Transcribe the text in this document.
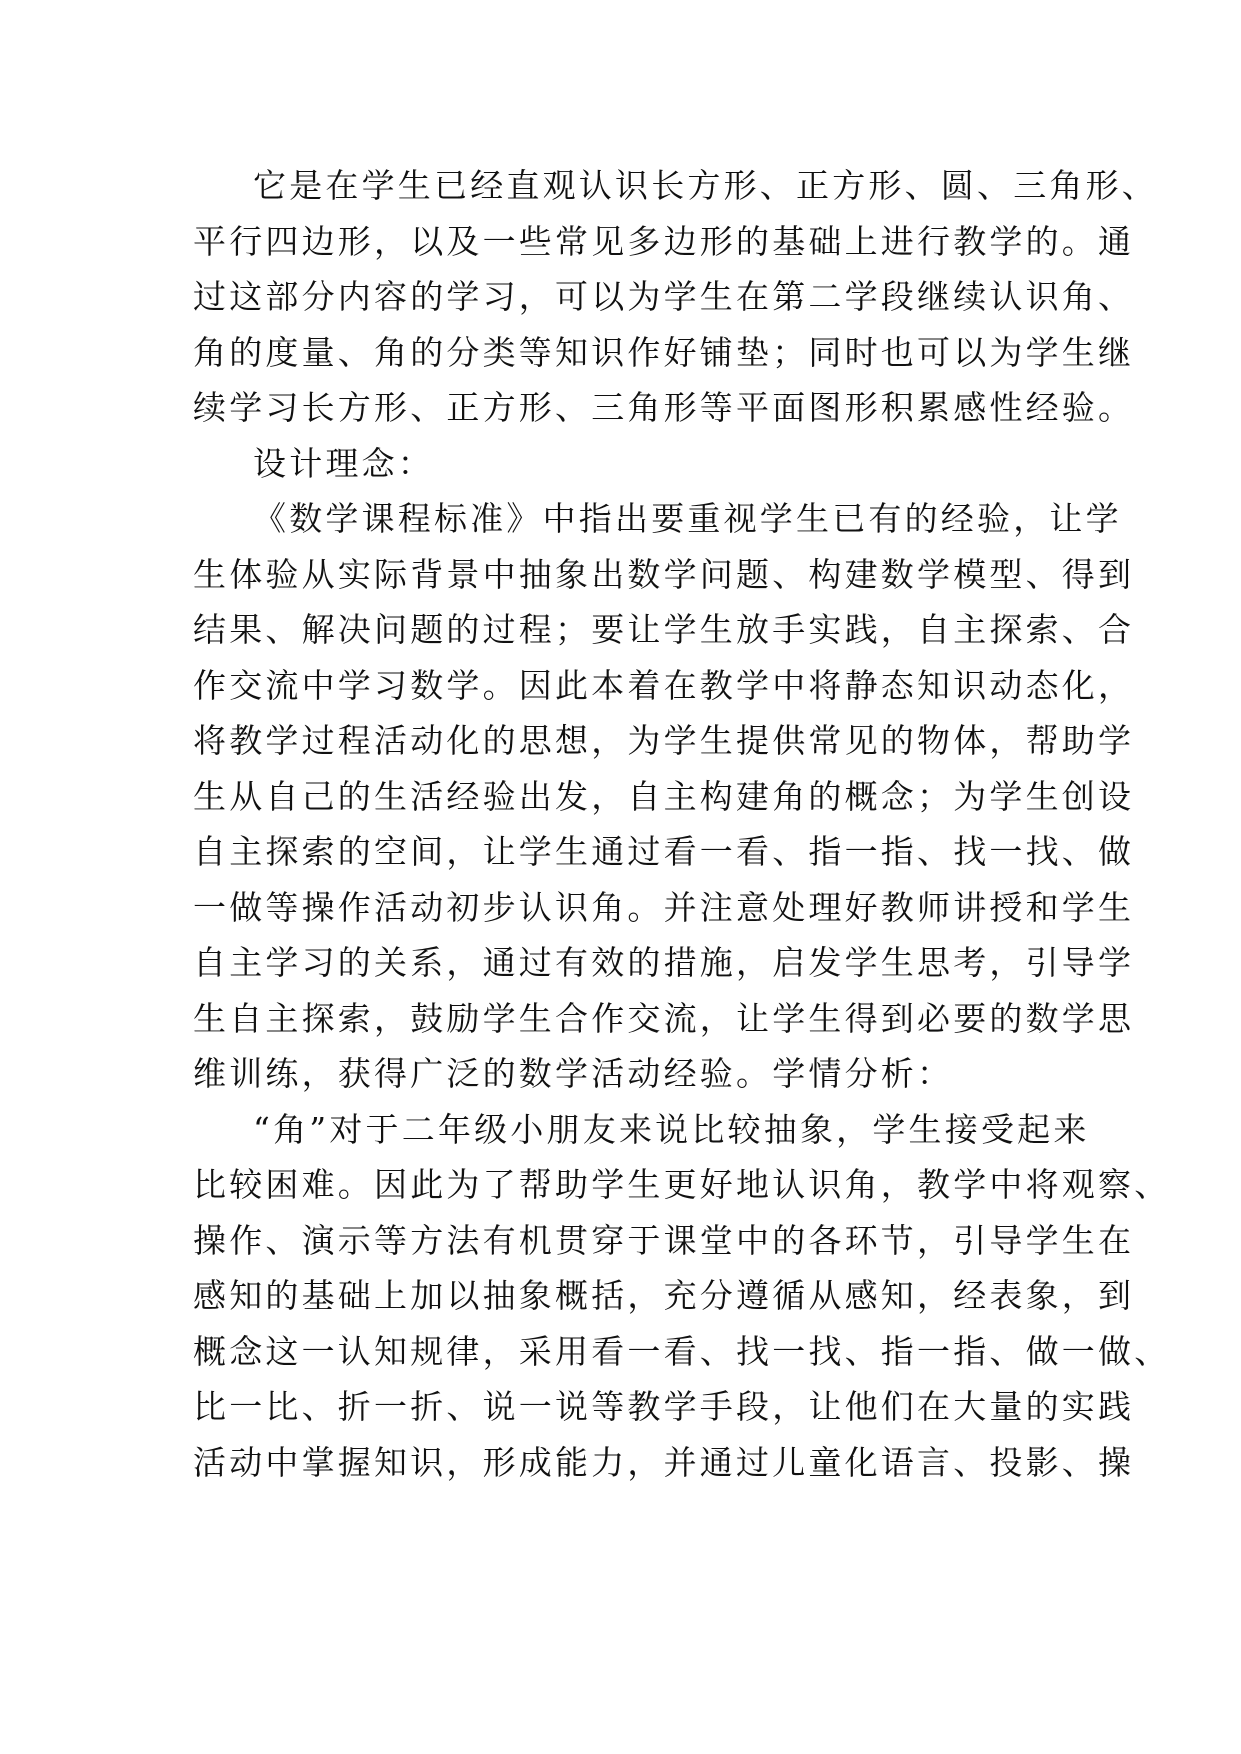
它是在学生已经直观认识长方形、正方形、圆、三角形、
平行四边形，以及一些常见多边形的基础上进行教学的。通
过这部分内容的学习，可以为学生在第二学段继续认识角、
角的度量、角的分类等知识作好铺垫；同时也可以为学生继
续学习长方形、正方形、三角形等平面图形积累感性经验。
设计理念：
《数学课程标准》中指出要重视学生已有的经验，让学
生体验从实际背景中抽象出数学问题、构建数学模型、得到
结果、解决问题的过程；要让学生放手实践，自主探索、合
作交流中学习数学。因此本着在教学中将静态知识动态化，
将教学过程活动化的思想，为学生提供常见的物体，帮助学
生从自己的生活经验出发，自主构建角的概念；为学生创设
自主探索的空间，让学生通过看一看、指一指、找一找、做
一做等操作活动初步认识角。并注意处理好教师讲授和学生
自主学习的关系，通过有效的措施，启发学生思考，引导学
生自主探索，鼓励学生合作交流，让学生得到必要的数学思
维训练，获得广泛的数学活动经验。学情分析：
“角”对于二年级小朋友来说比较抽象，学生接受起来
比较困难。因此为了帮助学生更好地认识角，教学中将观察、
操作、演示等方法有机贯穿于课堂中的各环节，引导学生在
感知的基础上加以抽象概括，充分遵循从感知，经表象，到
概念这一认知规律，采用看一看、找一找、指一指、做一做、
比一比、折一折、说一说等教学手段，让他们在大量的实践
活动中掌握知识，形成能力，并通过儿童化语言、投影、操
